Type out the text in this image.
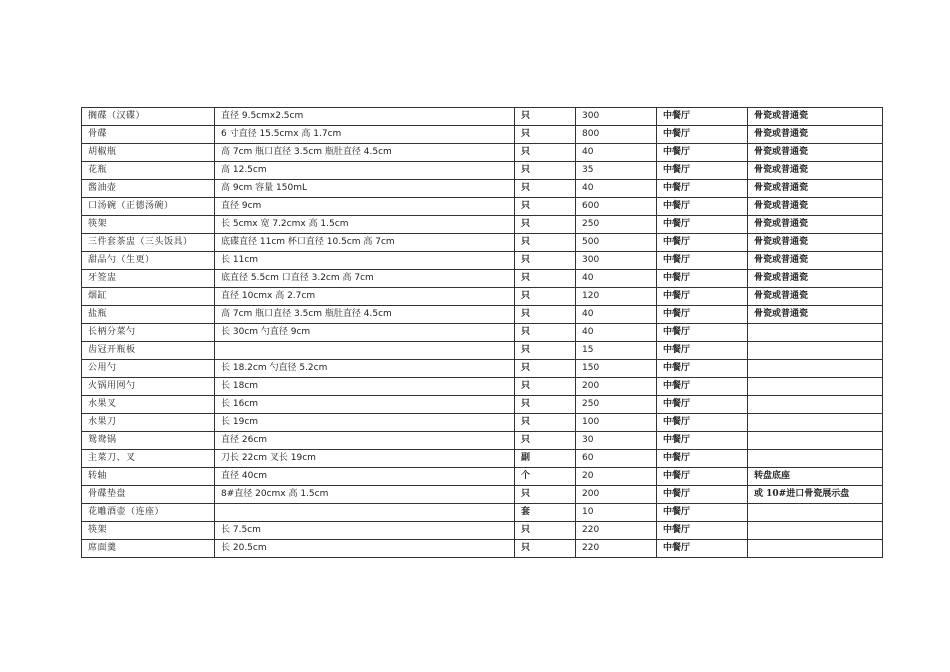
搁碟（汉碟）	直径 9.5cmx2.5cm	只	300	中餐厅	骨瓷或普通瓷
骨碟	6 寸直径 15.5cmx 高 1.7cm	只	800	中餐厅	骨瓷或普通瓷
胡椒瓶	高 7cm 瓶口直径 3.5cm 瓶肚直径 4.5cm	只	40	中餐厅	骨瓷或普通瓷
花瓶	高 12.5cm	只	35	中餐厅	骨瓷或普通瓷
酱油壶	高 9cm 容量 150mL	只	40	中餐厅	骨瓷或普通瓷
口汤碗（正德汤碗）	直径 9cm	只	600	中餐厅	骨瓷或普通瓷
筷架	长 5cmx 宽 7.2cmx 高 1.5cm	只	250	中餐厅	骨瓷或普通瓷
三件套茶盅（三头饭具）	底碟直径 11cm 杯口直径 10.5cm 高 7cm	只	500	中餐厅	骨瓷或普通瓷
甜品勺（生更）	长 11cm	只	300	中餐厅	骨瓷或普通瓷
牙签盅	底直径 5.5cm 口直径 3.2cm 高 7cm	只	40	中餐厅	骨瓷或普通瓷
烟缸	直径 10cmx 高 2.7cm	只	120	中餐厅	骨瓷或普通瓷
盐瓶	高 7cm 瓶口直径 3.5cm 瓶肚直径 4.5cm	只	40	中餐厅	骨瓷或普通瓷
长柄分菜勺	长 30cm 勺直径 9cm	只	40	中餐厅	
齿冠开瓶板		只	15	中餐厅	
公用勺	长 18.2cm 勺直径 5.2cm	只	150	中餐厅	
火锅用网勺	长 18cm	只	200	中餐厅	
水果叉	长 16cm	只	250	中餐厅	
水果刀	长 19cm	只	100	中餐厅	
鸳鸯锅	直径 26cm	只	30	中餐厅	
主菜刀、叉	刀长 22cm 叉长 19cm	副	60	中餐厅	
转轴	直径 40cm	个	20	中餐厅	转盘底座
骨碟垫盘	8#直径 20cmx 高 1.5cm	只	200	中餐厅	或 10#进口骨瓷展示盘
花雕酒壶（连座）		套	10	中餐厅	
筷架	长 7.5cm	只	220	中餐厅	
席面羹	长 20.5cm	只	220	中餐厅	
